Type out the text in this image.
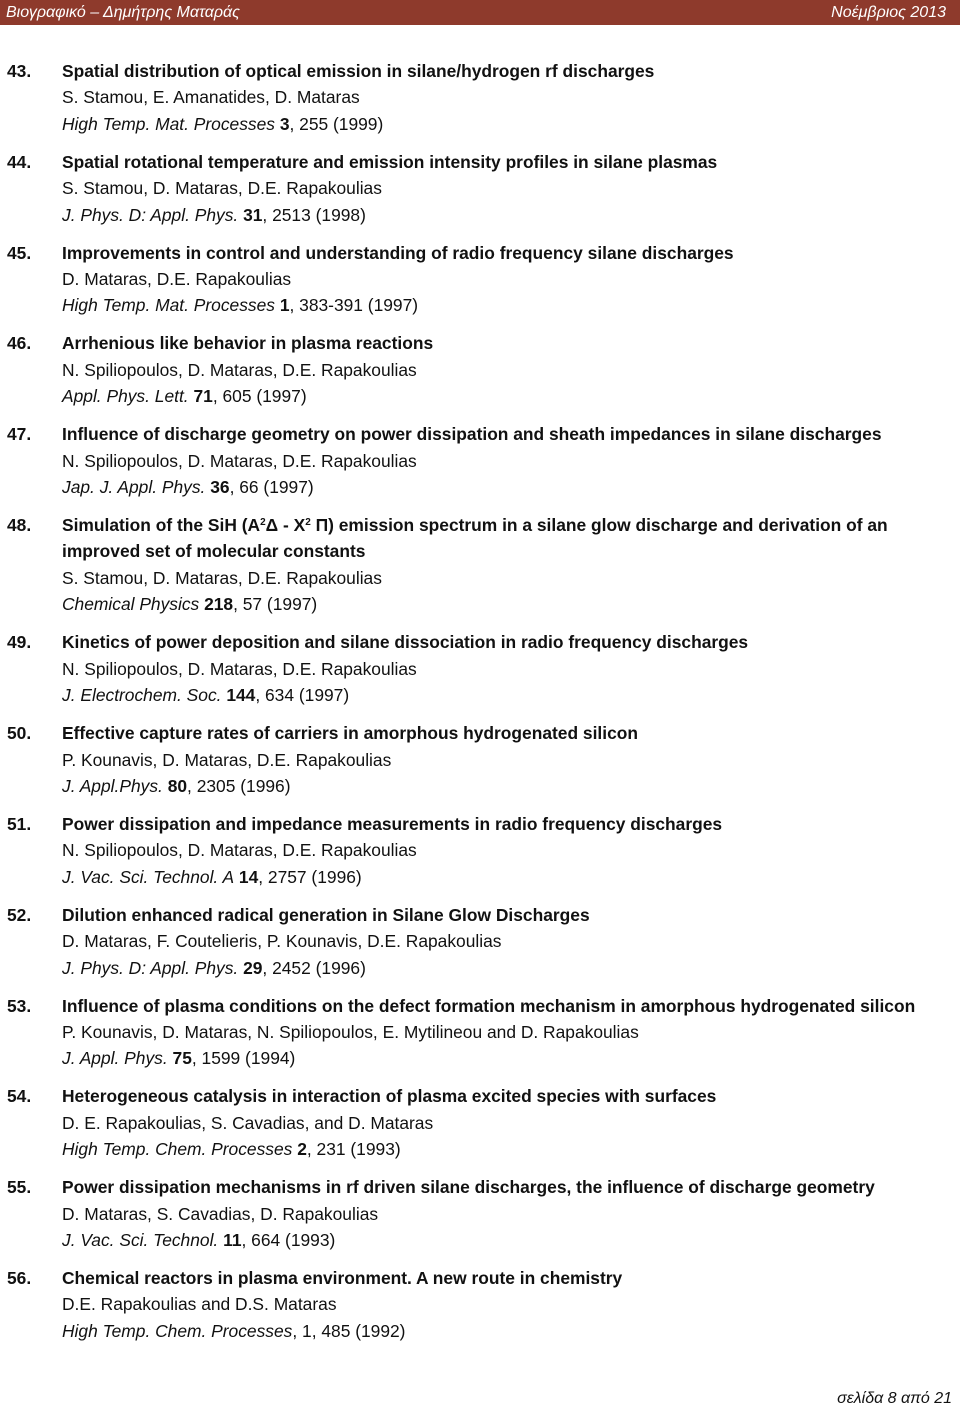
Βιογραφικό – Δημήτρης Ματαράς	Νοέμβριος 2013
43. Spatial distribution of optical emission in silane/hydrogen rf discharges
S. Stamou, E. Amanatides, D. Mataras
High Temp. Mat. Processes 3, 255 (1999)
44. Spatial rotational temperature and emission intensity profiles in silane plasmas
S. Stamou, D. Mataras, D.E. Rapakoulias
J. Phys. D: Appl. Phys. 31, 2513 (1998)
45. Improvements in control and understanding of radio frequency silane discharges
D. Mataras, D.E. Rapakoulias
High Temp. Mat. Processes 1, 383-391 (1997)
46. Arrhenious like behavior in plasma reactions
N. Spiliopoulos, D. Mataras, D.E. Rapakoulias
Appl. Phys. Lett. 71, 605 (1997)
47. Influence of discharge geometry on power dissipation and sheath impedances in silane discharges
N. Spiliopoulos, D. Mataras, D.E. Rapakoulias
Jap. J. Appl. Phys. 36, 66 (1997)
48. Simulation of the SiH ($A^2\Delta - X^2$ Π) emission spectrum in a silane glow discharge and derivation of an improved set of molecular constants
S. Stamou, D. Mataras, D.E. Rapakoulias
Chemical Physics 218, 57 (1997)
49. Kinetics of power deposition and silane dissociation in radio frequency discharges
N. Spiliopoulos, D. Mataras, D.E. Rapakoulias
J. Electrochem. Soc. 144, 634 (1997)
50. Effective capture rates of carriers in amorphous hydrogenated silicon
P. Kounavis, D. Mataras, D.E. Rapakoulias
J. Appl.Phys. 80, 2305 (1996)
51. Power dissipation and impedance measurements in radio frequency discharges
N. Spiliopoulos, D. Mataras, D.E. Rapakoulias
J. Vac. Sci. Technol. A 14, 2757 (1996)
52. Dilution enhanced radical generation in Silane Glow Discharges
D. Mataras, F. Coutelieris, P. Kounavis, D.E. Rapakoulias
J. Phys. D: Appl. Phys. 29, 2452 (1996)
53. Influence of plasma conditions on the defect formation mechanism in amorphous hydrogenated silicon
P. Kounavis, D. Mataras, N. Spiliopoulos, E. Mytilineou and D. Rapakoulias
J. Appl. Phys. 75, 1599 (1994)
54. Heterogeneous catalysis in interaction of plasma excited species with surfaces
D. E. Rapakoulias, S. Cavadias, and D. Mataras
High Temp. Chem. Processes 2, 231 (1993)
55. Power dissipation mechanisms in rf driven silane discharges, the influence of discharge geometry
D. Mataras, S. Cavadias, D. Rapakoulias
J. Vac. Sci. Technol. 11, 664 (1993)
56. Chemical reactors in plasma environment. A new route in chemistry
D.E. Rapakoulias and D.S. Mataras
High Temp. Chem. Processes, 1, 485 (1992)
σελίδα 8 από 21
